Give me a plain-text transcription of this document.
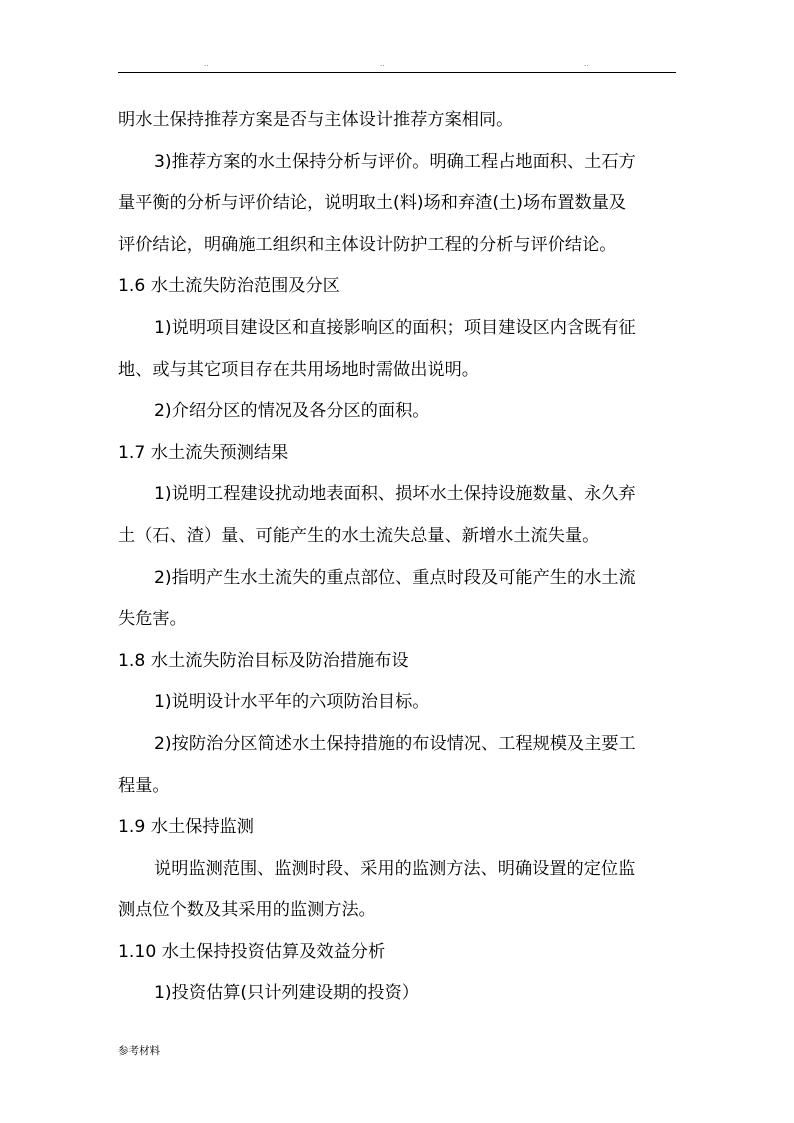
..	..	..
明水土保持推荐方案是否与主体设计推荐方案相同。
3)推荐方案的水土保持分析与评价。明确工程占地面积、土石方
量平衡的分析与评价结论，说明取土(料)场和弃渣(土)场布置数量及
评价结论，明确施工组织和主体设计防护工程的分析与评价结论。
1.6 水土流失防治范围及分区
1)说明项目建设区和直接影响区的面积；项目建设区内含既有征
地、或与其它项目存在共用场地时需做出说明。
2)介绍分区的情况及各分区的面积。
1.7 水土流失预测结果
1)说明工程建设扰动地表面积、损坏水土保持设施数量、永久弃
土（石、渣）量、可能产生的水土流失总量、新增水土流失量。
2)指明产生水土流失的重点部位、重点时段及可能产生的水土流
失危害。
1.8 水土流失防治目标及防治措施布设
1)说明设计水平年的六项防治目标。
2)按防治分区简述水土保持措施的布设情况、工程规模及主要工
程量。
1.9 水土保持监测
说明监测范围、监测时段、采用的监测方法、明确设置的定位监
测点位个数及其采用的监测方法。
1.10 水土保持投资估算及效益分析
1)投资估算(只计列建设期的投资）
参考材料
